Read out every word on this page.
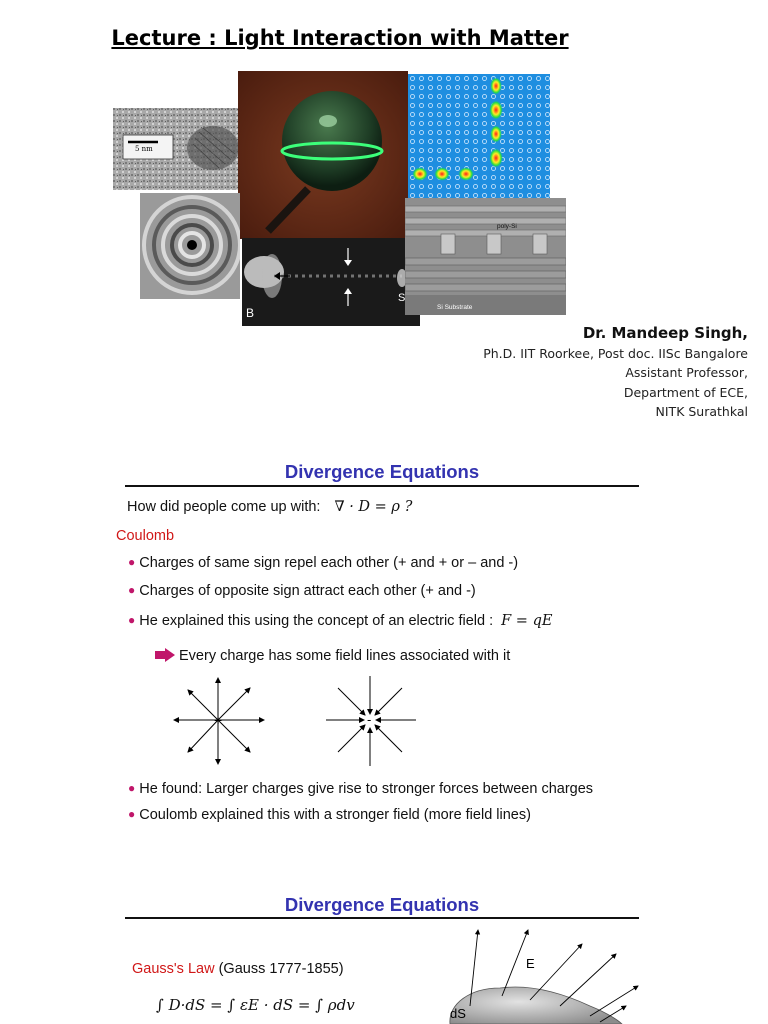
Lecture : Light Interaction with Matter
5 nm
B
S
poly-Si
Si Substrate
Dr. Mandeep Singh,
Ph.D. IIT Roorkee, Post doc. IISc Bangalore
Assistant Professor,
Department of ECE,
NITK Surathkal
Divergence Equations
How did people come up with: ∇ · D = ρ ?
Coulomb
● Charges of same sign repel each other (+ and + or – and -)
● Charges of opposite sign attract each other (+ and -)
● He explained this using the concept of an electric field : F = qE
Every charge has some field lines associated with it
+	-
● He found: Larger charges give rise to stronger forces between charges
● Coulomb explained this with a stronger field (more field lines)
Divergence Equations
Gauss's Law (Gauss 1777-1855)
∫ D·dS = ∫ εE · dS = ∫ ρdv
E
dS
